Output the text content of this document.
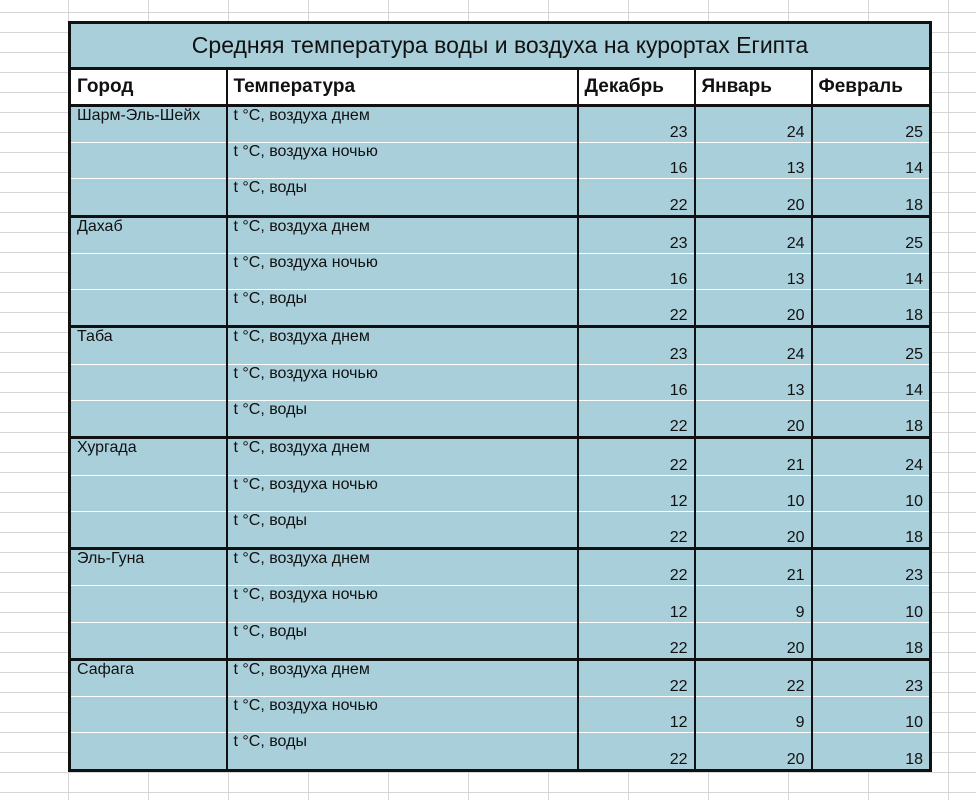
Средняя температура воды и воздуха на курортах Египта				
Город	Температура	Декабрь	Январь	Февраль
Шарм-Эль-Шейх	t °C, воздуха днем	23	24	25
	t °C, воздуха ночью	16	13	14
	t °C, воды	22	20	18
Дахаб	t °C, воздуха днем	23	24	25
	t °C, воздуха ночью	16	13	14
	t °C, воды	22	20	18
Таба	t °C, воздуха днем	23	24	25
	t °C, воздуха ночью	16	13	14
	t °C, воды	22	20	18
Хургада	t °C, воздуха днем	22	21	24
	t °C, воздуха ночью	12	10	10
	t °C, воды	22	20	18
Эль-Гуна	t °C, воздуха днем	22	21	23
	t °C, воздуха ночью	12	9	10
	t °C, воды	22	20	18
Сафага	t °C, воздуха днем	22	22	23
	t °C, воздуха ночью	12	9	10
	t °C, воды	22	20	18
